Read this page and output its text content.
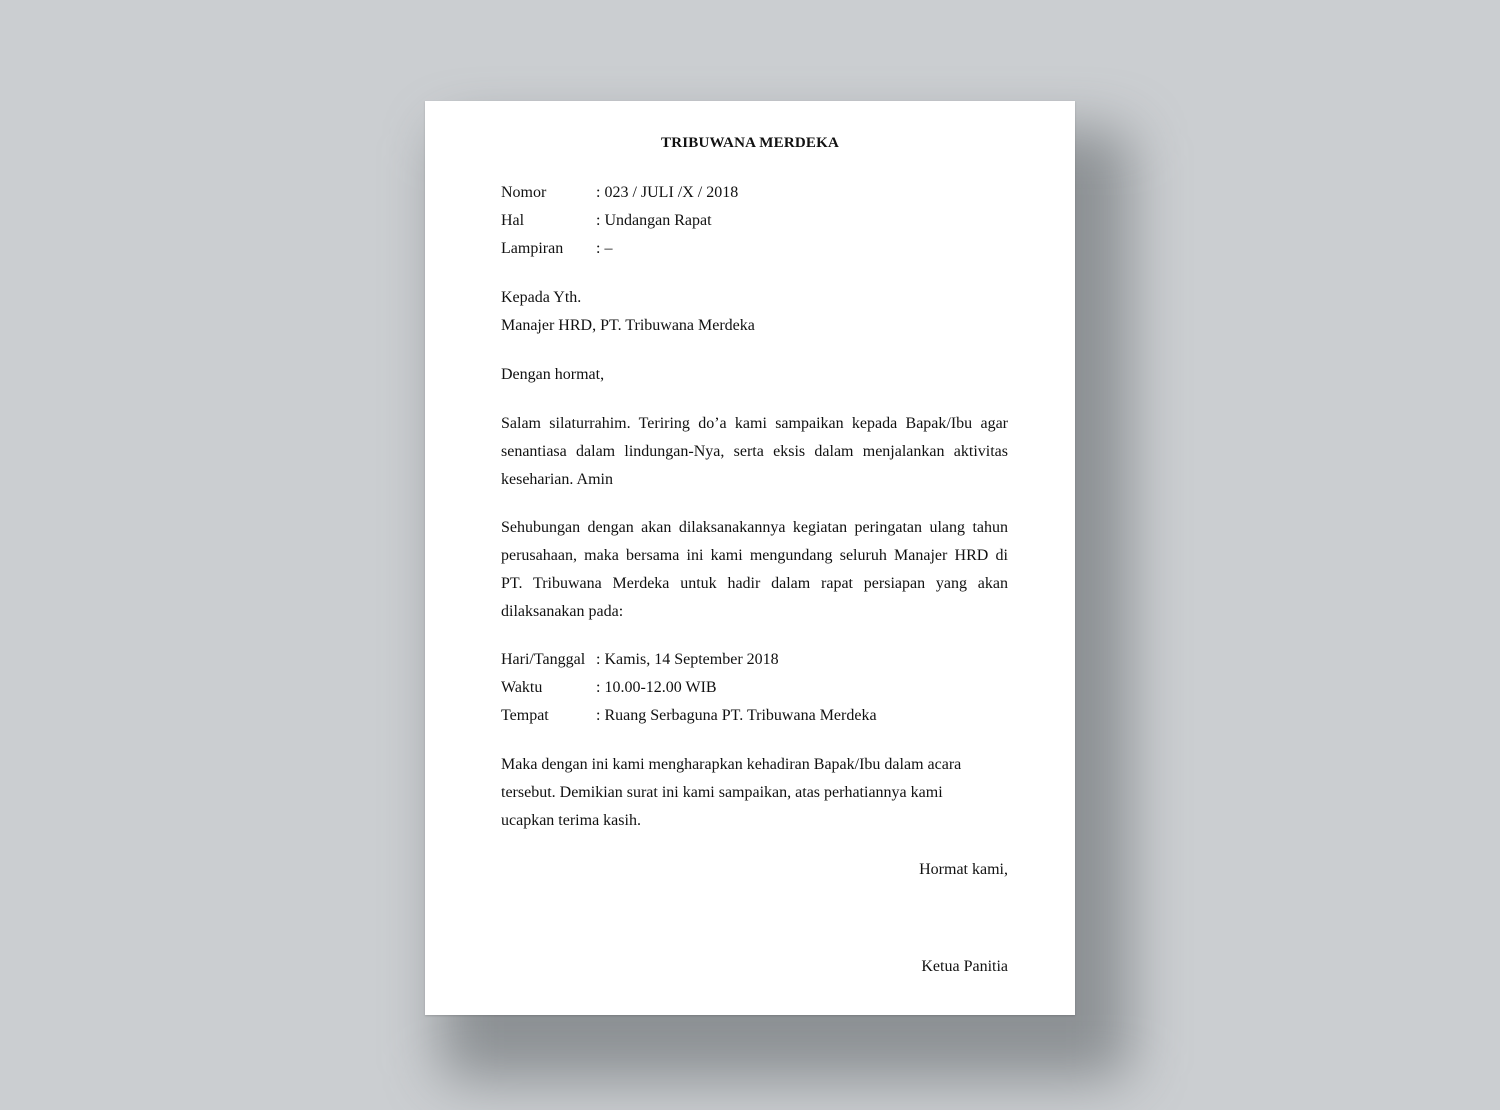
TRIBUWANA MERDEKA
Nomor	: 023 / JULI /X / 2018
Hal	: Undangan Rapat
Lampiran	: –
Kepada Yth.
Manajer HRD, PT. Tribuwana Merdeka
Dengan hormat,
Salam silaturrahim. Teriring do’a kami sampaikan kepada Bapak/Ibu agar
senantiasa dalam lindungan-Nya, serta eksis dalam menjalankan aktivitas
keseharian. Amin
Sehubungan dengan akan dilaksanakannya kegiatan peringatan ulang tahun
perusahaan, maka bersama ini kami mengundang seluruh Manajer HRD di
PT. Tribuwana Merdeka untuk hadir dalam rapat persiapan yang akan
dilaksanakan pada:
Hari/Tanggal : Kamis, 14 September 2018
Waktu	: 10.00-12.00 WIB
Tempat	: Ruang Serbaguna PT. Tribuwana Merdeka
Maka dengan ini kami mengharapkan kehadiran Bapak/Ibu dalam acara
tersebut. Demikian surat ini kami sampaikan, atas perhatiannya kami
ucapkan terima kasih.
Hormat kami,
Ketua Panitia
